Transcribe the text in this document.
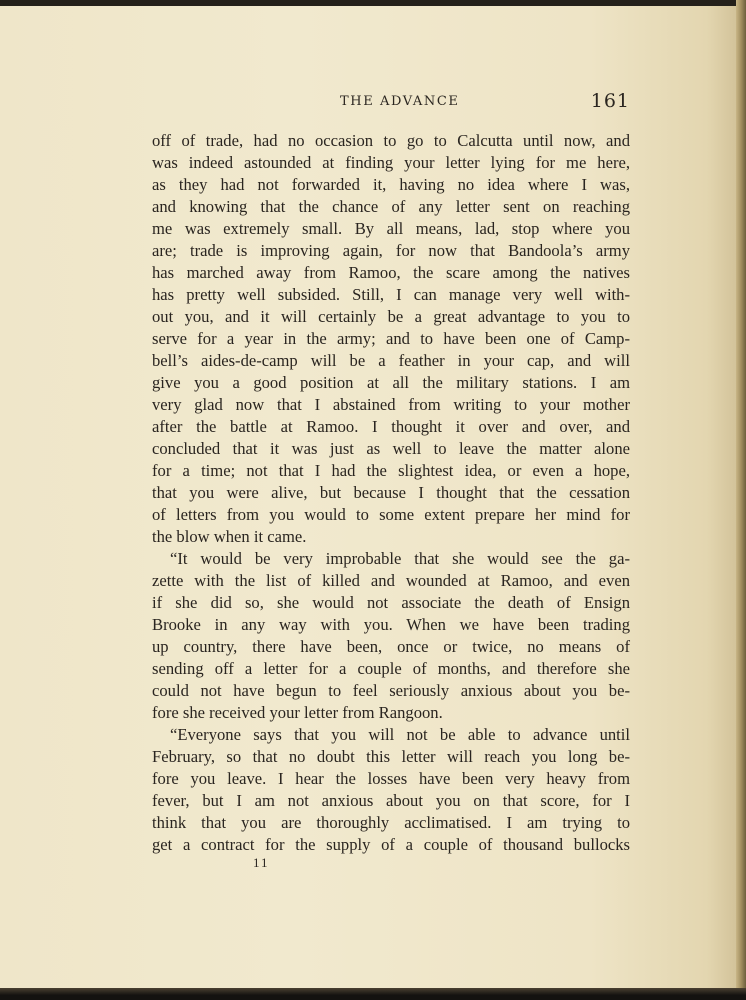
THE ADVANCE	161
off of trade, had no occasion to go to Calcutta until now, and
was indeed astounded at finding your letter lying for me here,
as they had not forwarded it, having no idea where I was,
and knowing that the chance of any letter sent on reaching
me was extremely small. By all means, lad, stop where you
are; trade is improving again, for now that Bandoola’s army
has marched away from Ramoo, the scare among the natives
has pretty well subsided. Still, I can manage very well with-
out you, and it will certainly be a great advantage to you to
serve for a year in the army; and to have been one of Camp-
bell’s aides-de-camp will be a feather in your cap, and will
give you a good position at all the military stations. I am
very glad now that I abstained from writing to your mother
after the battle at Ramoo. I thought it over and over, and
concluded that it was just as well to leave the matter alone
for a time; not that I had the slightest idea, or even a hope,
that you were alive, but because I thought that the cessation
of letters from you would to some extent prepare her mind for
the blow when it came.
“It would be very improbable that she would see the ga-
zette with the list of killed and wounded at Ramoo, and even
if she did so, she would not associate the death of Ensign
Brooke in any way with you. When we have been trading
up country, there have been, once or twice, no means of
sending off a letter for a couple of months, and therefore she
could not have begun to feel seriously anxious about you be-
fore she received your letter from Rangoon.
“Everyone says that you will not be able to advance until
February, so that no doubt this letter will reach you long be-
fore you leave. I hear the losses have been very heavy from
fever, but I am not anxious about you on that score, for I
think that you are thoroughly acclimatised. I am trying to
get a contract for the supply of a couple of thousand bullocks
11
